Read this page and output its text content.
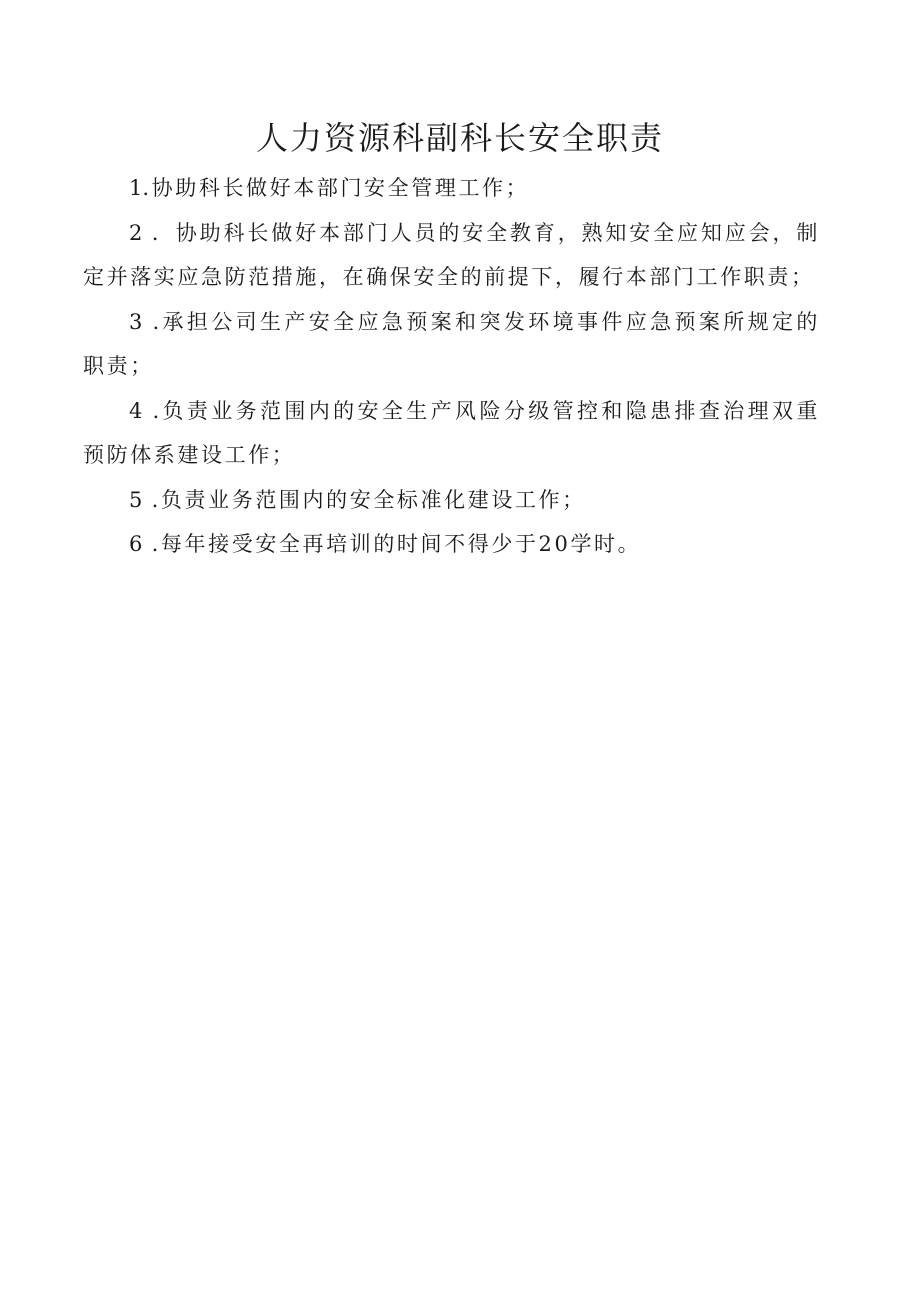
人力资源科副科长安全职责
1.协助科长做好本部门安全管理工作；
2 ．协助科长做好本部门人员的安全教育，熟知安全应知应会，制定并落实应急防范措施，在确保安全的前提下，履行本部门工作职责；
3 .承担公司生产安全应急预案和突发环境事件应急预案所规定的职责；
4 .负责业务范围内的安全生产风险分级管控和隐患排查治理双重预防体系建设工作；
5 .负责业务范围内的安全标准化建设工作；
6 .每年接受安全再培训的时间不得少于20学时。
